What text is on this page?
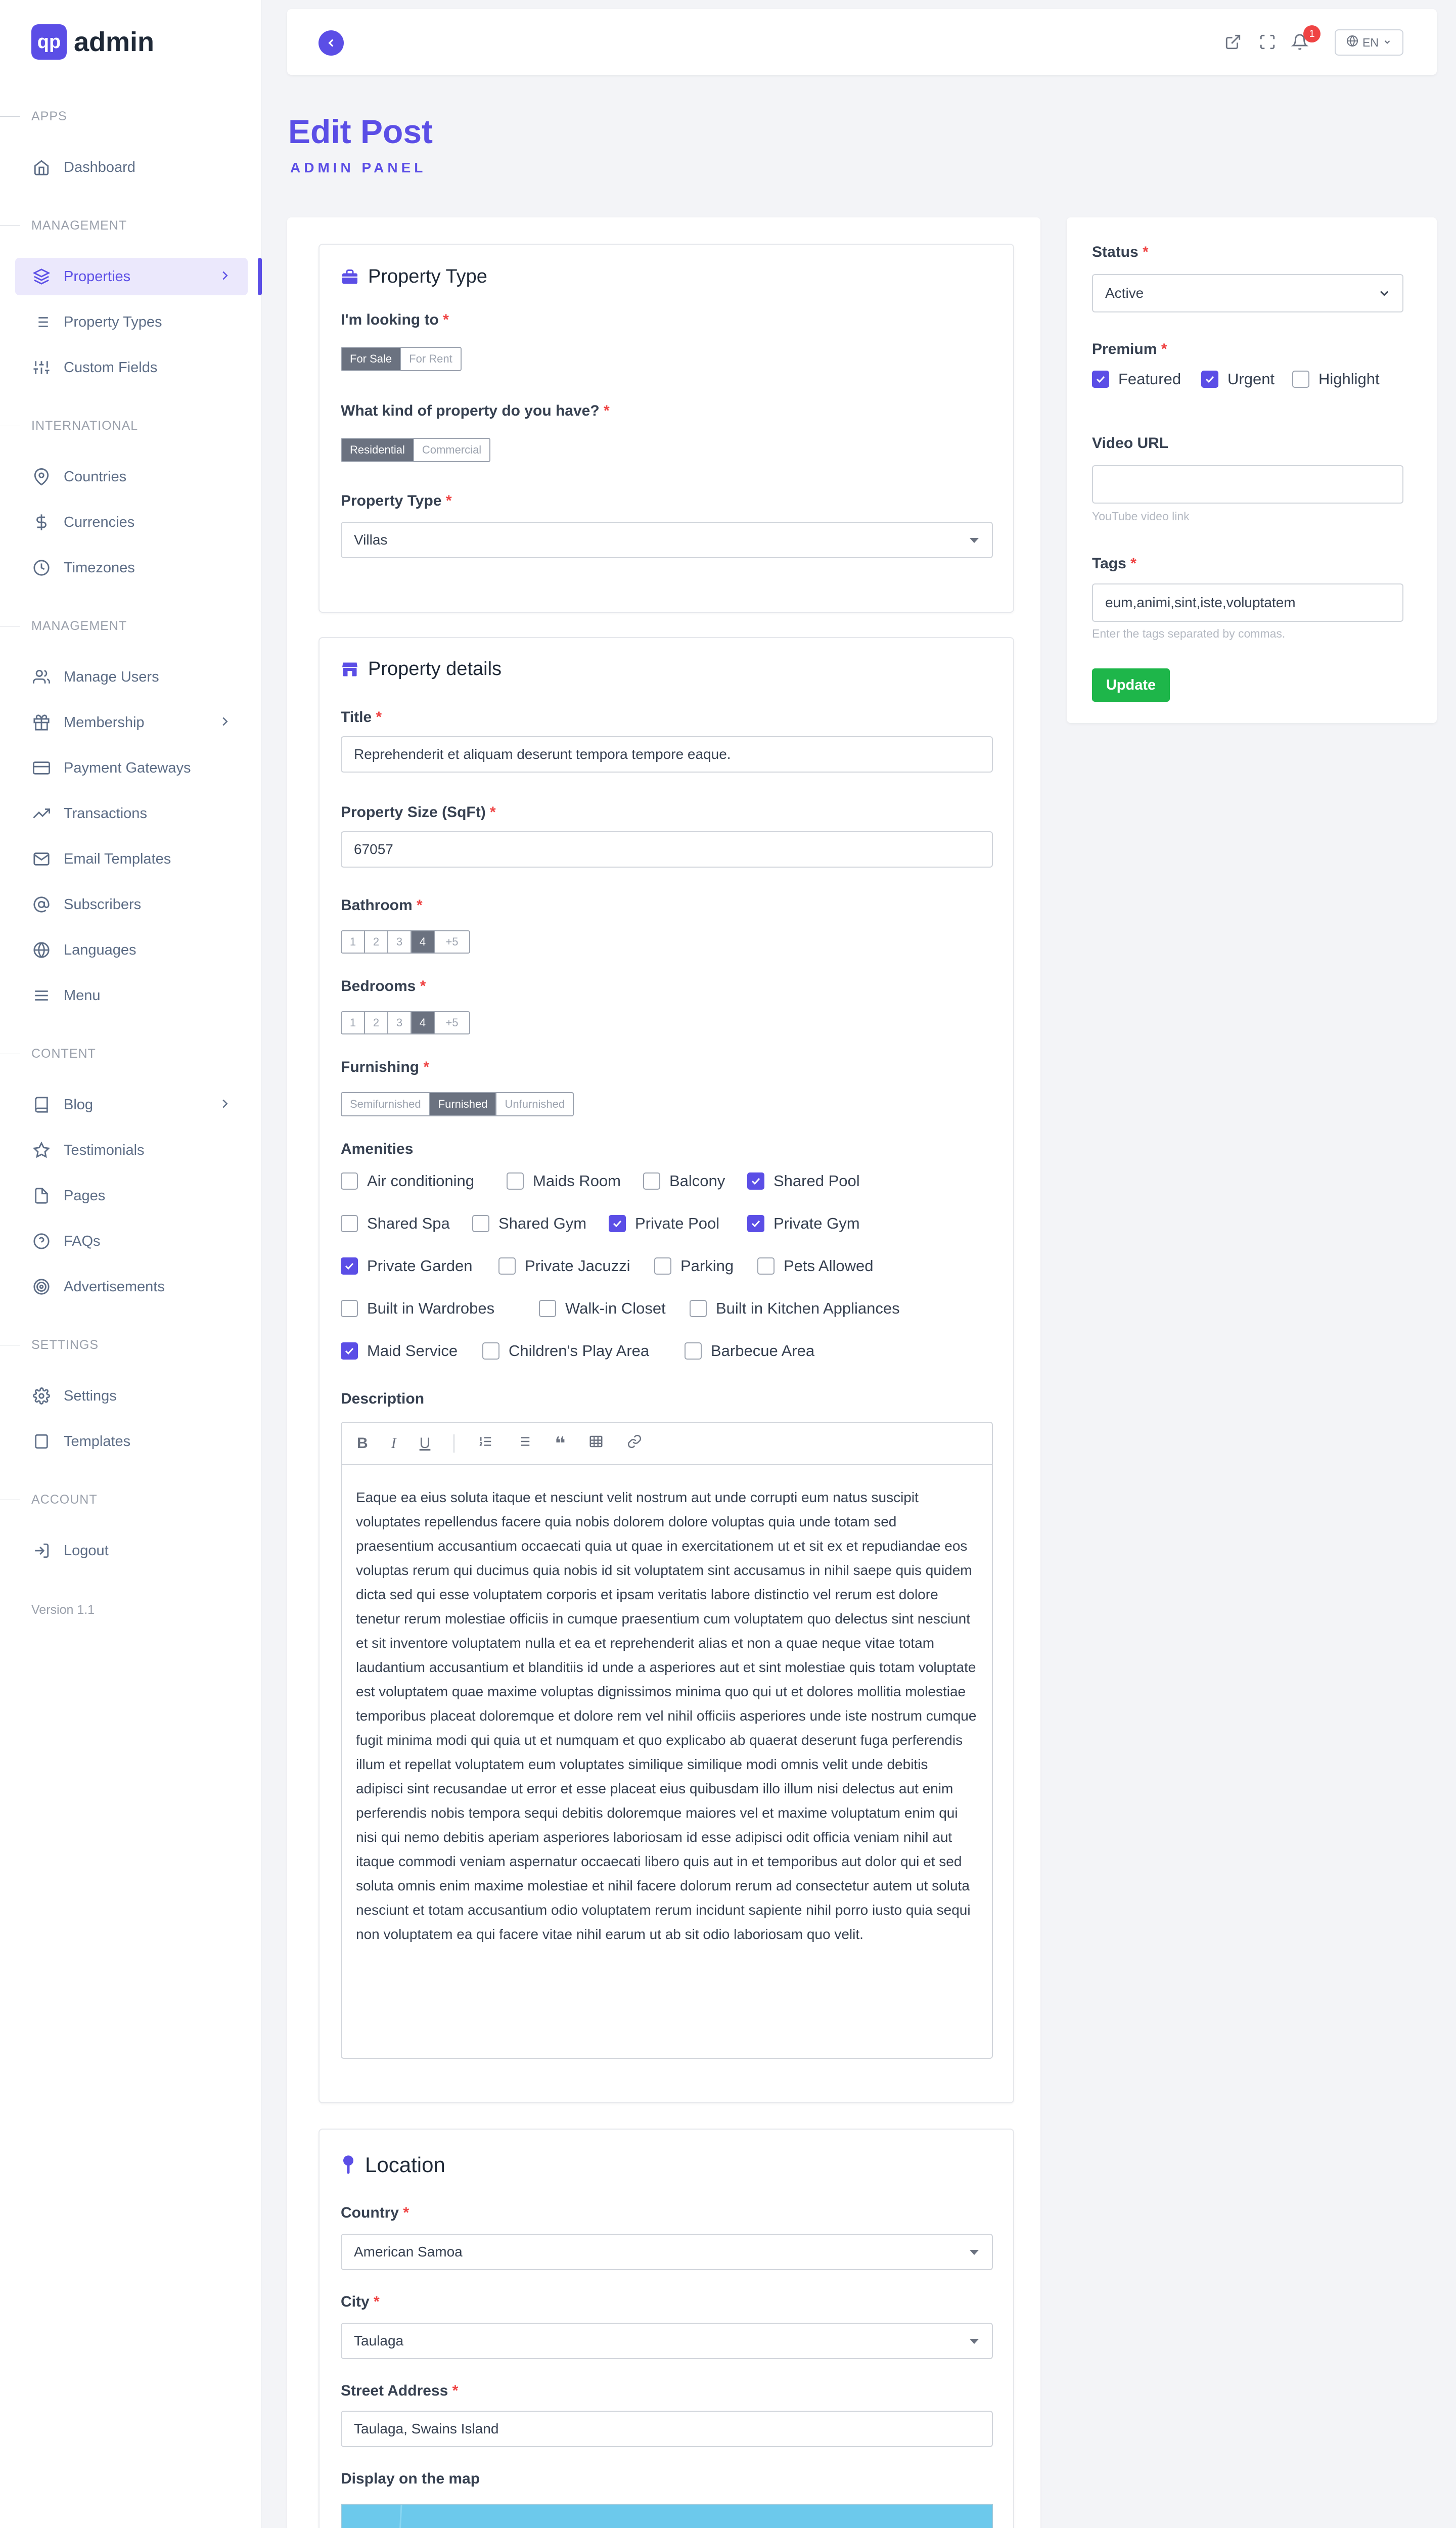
qp admin
APPS
Dashboard
MANAGEMENT
Properties
Property Types
Custom Fields
INTERNATIONAL
Countries
Currencies
Timezones
MANAGEMENT
Manage Users
Membership
Payment Gateways
Transactions
Email Templates
Subscribers
Languages
Menu
CONTENT
Blog
Testimonials
Pages
FAQs
Advertisements
SETTINGS
Settings
Templates
ACCOUNT
Logout
Version 1.1
1
EN
Edit Post
ADMIN PANEL
Property Type
I'm looking to *
For Sale	For Rent
What kind of property do you have? *
Residential	Commercial
Property Type *
Villas
Property details
Title *
Reprehenderit et aliquam deserunt tempora tempore eaque.
Property Size (SqFt) *
67057
Bathroom *
1	2	3	4	+5
Bedrooms *
1	2	3	4	+5
Furnishing *
Semifurnished	Furnished	Unfurnished
Amenities
Air conditioning	Maids Room	Balcony	Shared Pool
Shared Spa	Shared Gym	Private Pool	Private Gym
Private Garden	Private Jacuzzi	Parking	Pets Allowed
Built in Wardrobes	Walk-in Closet	Built in Kitchen Appliances
Maid Service	Children's Play Area	Barbecue Area
Description
B I U	❝
Eaque ea eius soluta itaque et nesciunt velit nostrum aut unde corrupti eum natus suscipit voluptates repellendus facere quia nobis dolorem dolore voluptas quia unde totam sed praesentium accusantium occaecati quia ut quae in exercitationem ut et sit ex et repudiandae eos voluptas rerum qui ducimus quia nobis id sit voluptatem sint accusamus in nihil saepe quis quidem dicta sed qui esse voluptatem corporis et ipsam veritatis labore distinctio vel rerum est dolore tenetur rerum molestiae officiis in cumque praesentium cum voluptatem quo delectus sint nesciunt et sit inventore voluptatem nulla et ea et reprehenderit alias et non a quae neque vitae totam laudantium accusantium et blanditiis id unde a asperiores aut et sint molestiae quis totam voluptate est voluptatem quae maxime voluptas dignissimos minima quo qui ut et dolores mollitia molestiae temporibus placeat doloremque et dolore rem vel nihil officiis asperiores unde iste nostrum cumque fugit minima modi qui quia ut et numquam et quo explicabo ab quaerat deserunt fuga perferendis illum et repellat voluptatem eum voluptates similique similique modi omnis velit unde debitis adipisci sint recusandae ut error et esse placeat eius quibusdam illo illum nisi delectus aut enim perferendis nobis tempora sequi debitis doloremque maiores vel et maxime voluptatum enim qui nisi qui nemo debitis aperiam asperiores laboriosam id esse adipisci odit officia veniam nihil aut itaque commodi veniam aspernatur occaecati libero quis aut in et temporibus aut dolor qui et sed soluta omnis enim maxime molestiae et nihil facere dolorum rerum ad consectetur autem ut soluta nesciunt et totam accusantium odio voluptatem rerum incidunt sapiente nihil porro iusto quia sequi non voluptatem ea qui facere vitae nihil earum ut ab sit odio laboriosam quo velit.
Location
Country *
American Samoa
City *
Taulaga
Street Address *
Taulaga, Swains Island
Display on the map
Status *
Active
Premium *
Featured	Urgent	Highlight
Video URL
YouTube video link
Tags *
eum,animi,sint,iste,voluptatem
Enter the tags separated by commas.
Update
